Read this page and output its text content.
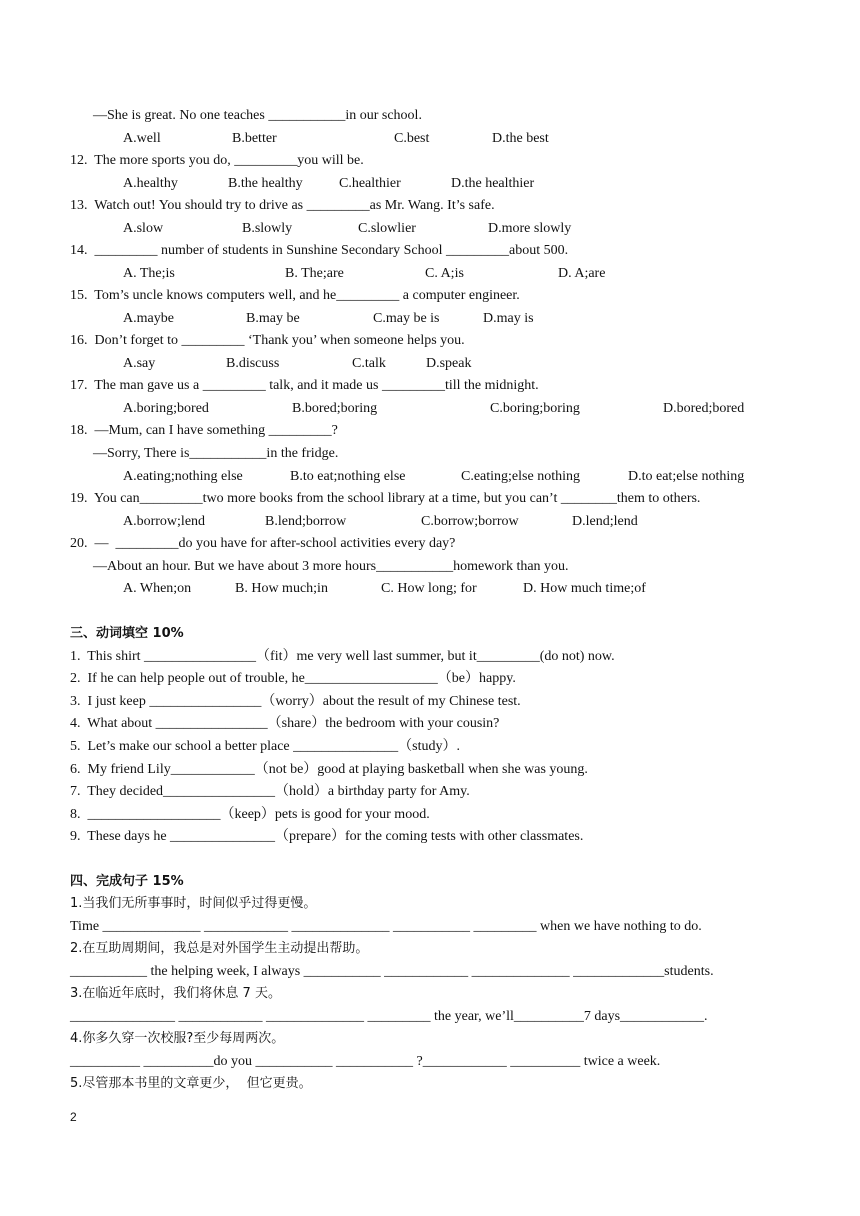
—She is great. No one teaches ___________in our school.
A.well	B.better	C.best	D.the best
12.  The more sports you do, _________you will be.
A.healthy	B.the healthy	C.healthier	D.the healthier
13.  Watch out! You should try to drive as _________as Mr. Wang. It’s safe.
A.slow	B.slowly	C.slowlier	D.more slowly
14.  _________ number of students in Sunshine Secondary School _________about 500.
A. The;is	B. The;are	C. A;is	D. A;are
15.  Tom’s uncle knows computers well, and he_________ a computer engineer.
A.maybe	B.may be	C.may be is	D.may is
16.  Don’t forget to _________ ‘Thank you’ when someone helps you.
A.say	B.discuss	C.talk	D.speak
17.  The man gave us a _________ talk, and it made us _________till the midnight.
A.boring;bored	B.bored;boring	C.boring;boring	D.bored;bored
18.  —Mum, can I have something _________?
—Sorry, There is___________in the fridge.
A.eating;nothing else	B.to eat;nothing else	C.eating;else nothing	D.to eat;else nothing
19.  You can_________two more books from the school library at a time, but you can’t ________them to others.
A.borrow;lend	B.lend;borrow	C.borrow;borrow	D.lend;lend
20.  —  _________do you have for after-school activities every day?
—About an hour. But we have about 3 more hours___________homework than you.
A. When;on	B. How much;in	C. How long; for	D. How much time;of
三、动词填空 10%
1.  This shirt ________________（fit）me very well last summer, but it_________(do not) now.
2.  If he can help people out of trouble, he___________________（be）happy.
3.  I just keep ________________（worry）about the result of my Chinese test.
4.  What about ________________（share）the bedroom with your cousin?
5.  Let’s make our school a better place _______________（study）.
6.  My friend Lily____________（not be）good at playing basketball when she was young.
7.  They decided________________（hold）a birthday party for Amy.
8.  ___________________（keep）pets is good for your mood.
9.  These days he _______________（prepare）for the coming tests with other classmates.
四、完成句子 15%
1.当我们无所事事时，时间似乎过得更慢。
Time ______________ ____________ ______________ ___________ _________ when we have nothing to do.
2.在互助周期间，我总是对外国学生主动提出帮助。
___________ the helping week, I always ___________ ____________ ______________ _____________students.
3.在临近年底时，我们将休息 7 天。
_______________ ____________ ______________ _________ the year, we’ll__________7 days____________.
4.你多久穿一次校服?至少每周两次。
__________ __________do you ___________ ___________ ?____________ __________ twice a week.
5.尽管那本书里的文章更少，  但它更贵。
2
